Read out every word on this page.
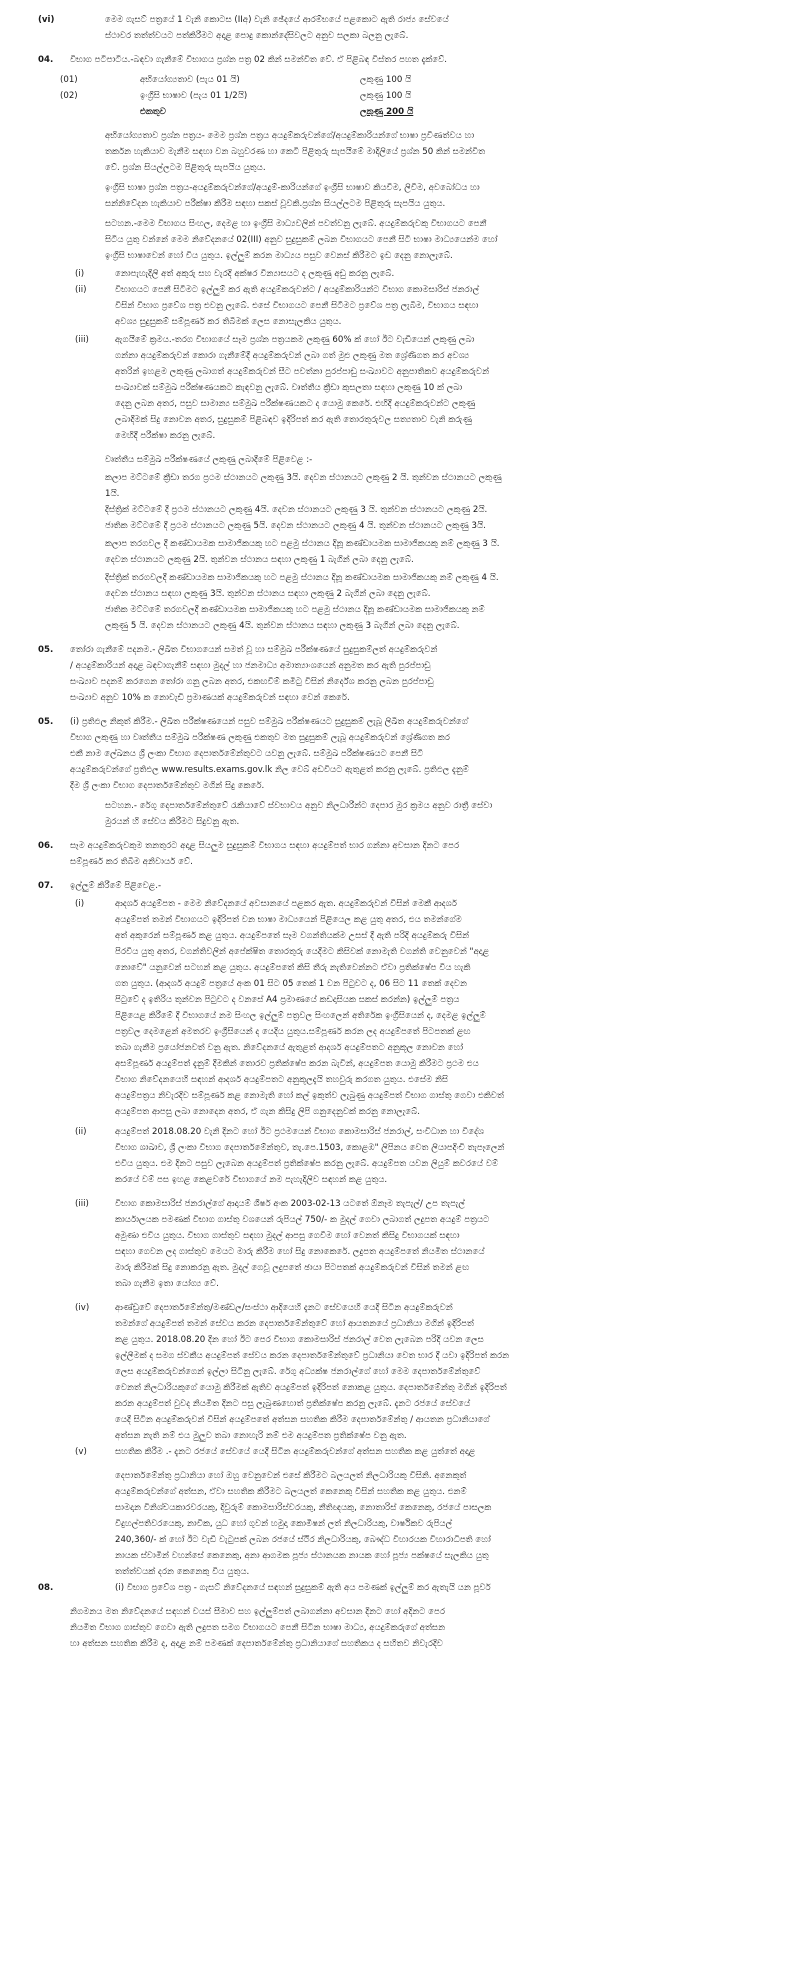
(vi)	මෙම ගැසට් පත්‍රයේ 1 වැනි කොටස (IIඅ) වැනි ඡේදයේ ආරම්භයේ පළකොට ඇති රාජ්‍ය සේවයේ
ස්ථාවර තත්ත්වයට පත්කිරීමට අදාළ පොදු කොන්දේසිවලට අනුව සලකා බලනු ලැබේ.
04. විභාග පටිපාටිය.-බඳවා ගැනීමේ විභාගය ප්‍රශ්න පත්‍ර 02 කින් සමන්විත වේ. ඒ පිළිබඳ විස්තර පහත දැක්වේ.
(01)	අභියෝග්‍යතාව (පැය 01 යි)	ලකුණු 100 යි
(02)	ඉංග්‍රීසි භාෂාව (පැය 01 1/2යි)	ලකුණු 100 යි
එකතුව	ලකුණු 200 යි
අභියෝග්‍යතාව ප්‍රශ්න පත්‍රය- මෙම ප්‍රශ්න පත්‍රය අයදුම්කරුවන්ගේ/අයදුම්කාරියන්ගේ භාෂා ප්‍රවීණත්වය හා
තර්කන හැකියාව මැනීම සඳහා වන බහුවරණ හා කෙටි පිළිතුරු සැපයීමේ මාදිලියේ ප්‍රශ්න 50 කින් සමන්විත
වේ. ප්‍රශ්න සියල්ලටම පිළිතුරු සැපයිය යුතුය.
ඉංග්‍රීසි භාෂා ප්‍රශ්න පත්‍රය-අයදුම්කරුවන්ගේ/අයදුම්-කාරියන්ගේ ඉංග්‍රීසි භාෂාව කියවීම, ලිවීම, අවබෝධය හා
සන්නිවේදන හැකියාව පරීක්ෂා කිරීම සඳහා සකස් වූවකි.ප්‍රශ්න සියල්ලටම පිළිතුරු සැපයිය යුතුය.
සටහන.-මෙම විභාගය සිංහල, දෙමළ හා ඉංග්‍රීසි මාධ්‍යවලින් පවත්වනු ලැබේ. අයදුම්කරුවකු විභාගයට පෙනී
සිටිය යුතු වන්නේ මෙම නිවේදනයේ 02(III) අනුව සුදුසුකම් ලබන විභාගයට පෙනී සිටි භාෂා මාධ්‍යයෙන්ම හෝ
ඉංග්‍රීසි භාෂාවෙන් හෝ විය යුතුය. ඉල්ලුම් කරන මාධ්‍යය පසුව වෙනස් කිරීමට ඉඩ දෙනු නොලැබේ.
(i)	නොපැහැදිලි අත් අකුරු සහ වැරදි අක්ෂර වින්‍යාසයට ද ලකුණු අඩු කරනු ලැබේ.
(ii)	විභාගයට පෙනී සිටීමට ඉල්ලුම් කර ඇති අයදුම්කරුවන්ට / අයදුම්කාරියන්ට විභාග කොමසාරිස් ජනරාල්
විසින් විභාග ප්‍රවේශ පත්‍ර එවනු ලැබේ. එසේ විභාගයට පෙනී සිටීමට ප්‍රවේශ පත්‍ර ලැබීම, විභාගය සඳහා
අවශ්‍ය සුදුසුකම් සම්පූර්ණ කර තිබීමක් ලෙස නොසැලකිය යුතුය.
(iii)	ඇගයීමේ ක්‍රමය.-තරග විභාගයේ සෑම ප්‍රශ්න පත්‍රයකම ලකුණු 60% ක් හෝ ඊට වැඩියෙන් ලකුණු ලබා
ගන්නා අයදුම්කරුවන් කොරා ගැනීමේදී අයදුම්කරුවන් ලබා ගත් මුළු ලකුණු මත ශ්‍රේණිගත කර අවශ්‍ය
අතරින් ඉහළම ලකුණු ලබාගත් අයදුම්කරුවන් සීට පවත්නා පුරප්පාඩු සංඛ්‍යාවට අනුපාතිකව අයදුම්කරුවන්
සංඛ්‍යාවක් සම්මුඛ පරීක්ෂණයකට කැඳවනු ලැබේ. වෘත්තීය ක්‍රීඩා කුසලතා සඳහා ලකුණු 10 ක් ලබා
දෙනු ලබන අතර, පසුව සාමාන්‍ය සම්මුඛ පරීක්ෂණයකට ද යොමු කෙරේ. එහිදී අයදුම්කරුවන්ට ලකුණු
ලබාදීමක් සිදු නොවන අතර, සුදුසුකම් පිළිබඳව ඉදිරිපත් කර ඇති තොරතුරුවල සත්‍යතාව වැනි කරුණු
මෙහිදී පරීක්ෂා කරනු ලැබේ.
වෘත්තීය සම්මුඛ පරීක්ෂණයේ ලකුණු ලබාදීමේ පිළිවෙළ :-
කලාප මට්ටමේ ක්‍රීඩා තරග ප්‍රථම ස්ථානයට ලකුණු 3යි. දෙවන ස්ථානයට ලකුණු 2 යි. තුන්වන ස්ථානයට ලකුණු
1යි.
දිස්ත්‍රික් මට්ටමේ දී ප්‍රථම ස්ථානයට ලකුණු 4යි. දෙවන ස්ථානයට ලකුණු 3 යි. තුන්වන ස්ථානයට ලකුණු 2යි.
ජාතික මට්ටමේ දී ප්‍රථම ස්ථානයට ලකුණු 5යි. දෙවන ස්ථානයට ලකුණු 4 යි. තුන්වන ස්ථානයට ලකුණු 3යි.
කලාප තරගවල දී කණ්ඩායමක සාමාජිකයකු හට පළමු ස්ථානය දිනූ කණ්ඩායමක සාමාජිකයකු නම් ලකුණු 3 යි.
දෙවන ස්ථානයට ලකුණු 2යි. තුන්වන ස්ථානය සඳහා ලකුණු 1 බැගින් ලබා දෙනු ලැබේ.
දිස්ත්‍රික් තරගවලදී කණ්ඩායමක සාමාජිකයකු හට පළමු ස්ථානය දිනූ කණ්ඩායමක සාමාජිකයකු නම් ලකුණු 4 යි.
දෙවන ස්ථානය සඳහා ලකුණු 3යි. තුන්වන ස්ථානය සඳහා ලකුණු 2 බැගින් ලබා දෙනු ලැබේ.
ජාතික මට්ටමේ තරගවලදී කණ්ඩායමක සාමාජිකයකු හට පළමු ස්ථානය දිනූ කණ්ඩායමක සාමාජිකයකු නම්
ලකුණු 5 යි. දෙවන ස්ථානයට ලකුණු 4යි. තුන්වන ස්ථානය සඳහා ලකුණු 3 බැගින් ලබා දෙනු ලැබේ.
05. තෝරා ගැනීමේ පදනම.- ලිඛිත විභාගයෙන් සමත් වූ හා සම්මුඛ පරීක්ෂණයේ සුදුසුකම්ලත් අයදුම්කරුවන්
/ අයදුම්කාරියන් අදාළ බඳවාගැනීම් සඳහා මුදල් හා ජනමාධ්‍ය අමාත්‍යාංශයෙන් අනුමත කර ඇති පුරප්පාඩු
සංඛ්‍යාව පදනම් කරගෙන තෝරා ගනු ලබන අතර, එකඟවීම් කමිටු විසින් නිර්දේශ කරනු ලබන පුරප්පාඩු
සංඛ්‍යාව අනුව 10% ක නොවැඩි ප්‍රමාණයක් අයදුම්කරුවන් සඳහා වෙන් කෙරේ.
05. (i) ප්‍රතිඵල නිකුත් කිරීම.- ලිඛිත පරීක්ෂණයෙන් පසුව සම්මුඛ පරීක්ෂණයට සුදුසුකම් ලැබූ ලිඛිත අයදුම්කරුවන්ගේ
විභාග ලකුණු හා වෘත්තීය සම්මුඛ පරීක්ෂණ ලකුණු එකතුව මත සුදුසුකම් ලැබූ අයදුම්කරුවන් ශ්‍රේණිගත කර
එකී නාම ලේඛනය ශ්‍රී ලංකා විභාග දෙපාර්තමේන්තුවට යවනු ලැබේ. සම්මුඛ පරීක්ෂණයට පෙනී සිටි
අයදුම්කරුවන්ගේ ප්‍රතිඵල www.results.exams.gov.lk නිල වෙබ් අඩවියට ඇතුළත් කරනු ලැබේ. ප්‍රතිඵල දැනුම්
දීම ශ්‍රී ලංකා විභාග දෙපාර්තමේන්තුව මගින් සිදු කෙරේ.
සටහන.- රේගු දෙපාර්තමේන්තුවේ රැකියාවේ ස්වභාවය අනුව නිලධාරීන්ට දෙපාර මුර ක්‍රමය අනුව රාත්‍රී සේවා
මුරයන් හි සේවය කිරීමට සිදුවනු ඇත.
06. සෑම අයදුම්කරුවකුම තනතුරට අදාළ සියලුම සුදුසුකම් විභාගය සඳහා අයදුම්පත් භාර ගන්නා අවසාන දිනට පෙර
සම්පූර්ණ කර තිබීම අනිවාර්ය වේ.
07. ඉල්ලුම් කිරීමේ පිළිවෙළ.-
(i)	ආදර්ශ අයදුම්පත - මෙම නිවේදනයේ අවසානයේ පළකර ඇත. අයදුම්කරුවන් විසින් මෙකී ආදර්ශ
අයදුම්පත් තමන් විභාගයට ඉදිරිපත් වන භාෂා මාධ්‍යයෙන් පිළියෙල කළ යුතු අතර, එය තමන්ගේම
අත් අකුරෙන් සම්පූර්ණ කළ යුතුය. අයදුම්පතේ සෑම වගන්තියක්ම උසස් දී ඇති පරිදි අයදුම්කරු විසින්
පිරවිය යුතු අතර, වගන්තිවලින් අපේක්ෂිත තොරතුරු යෙදීමට කිසිවක් නොමැති වගන්ති වෙනුවෙන් "අදාළ
නොවේ" යනුවෙන් සටහන් කළ යුතුය. අයදුම්පතේ කිසි තීරු නැතිවෙන්නට ඒවා ප්‍රතික්ෂේප විය හැකි
ගත යුතුය. (ආදර්ශ අයදුම් පත්‍රයේ අංක 01 සිට 05 තෙක් 1 වන පිටුවට ද, 06 සිට 11 තෙක් දෙවන
පිටුවේ ද ඉතිරිය තුන්වන පිටුවට ද වනසේ A4 ප්‍රමාණයේ කඩදාසියක සකස් කරන්න) ඉල්ලුම් පත්‍රය
පිළියෙළ කිරීමේ දී විභාගයේ නම සිංහල ඉල්ලුම් පත්‍රවල සිංහලෙන් අතිරේක ඉංග්‍රීසියෙන් ද, දෙමළ ඉල්ලුම්
පත්‍රවල දෙමළෙන් අමතරව ඉංග්‍රීසියෙන් ද යෙදිය යුතුය.සම්පූර්ණ කරන ලද අයදුම්පතේ පිටපතක් ළඟ
තබා ගැනීම ප්‍රයෝජනවත් වනු ඇත. නිවේදනයේ ඇතුළත් ආදර්ශ අයදුම්පතට අනුකූල නොවන හෝ
අසම්පූර්ණ අයදුම්පත් දැනුම් දීමකින් තොරව ප්‍රතික්ෂේප කරන බැවින්, අයදුම්පත යොමු කිරීමට ප්‍රථම එය
විභාග නිවේදනයෙහි සඳහන් ආදර්ශ අයදුම්පතට අනුකූලදැයි තහවුරු කරගත යුතුය. එසේම නිසි
අයදුම්පත්‍රය නිවැරදිව සම්පූර්ණ කළ නොමැති හෝ කල් ඉකුත්ව ලැබුණු අයදුම්පත් විභාග ගාස්තු ගෙවා එකිවත්
අයදුම්පත ආපසු ලබා නොදෙන අතර, ඒ ගැන කිසිදු ලිපි ගනුදෙනුවක් කරනු නොලැබේ.
(ii)	අයදුම්පත් 2018.08.20 වැනි දිනට හෝ ඊට ප්‍රථමයෙන් විභාග කොමසාරිස් ජනරාල්, සංවිධාන හා විදේශ
විභාග ශාඛාව, ශ්‍රී ලංකා විභාග දෙපාර්තමේන්තුව, තැ.පෙ.1503, කොළඹ" ලිපිනය වෙත ලියාපදිංචි තැපෑලෙන්
එවිය යුතුය. එම දිනට පසුව ලැබෙන අයදුම්පත් ප්‍රතික්ෂේප කරනු ලැබේ. අයදුම්පත යවන ලියුම් කවරයේ වම්
කරයේ වම් පස ඉහළ කෙළවරේ විභාගයේ නම පැහැදිලිව සඳහන් කළ යුතුය.
(iii)	විභාග කොමසාරිස් ජනරාල්ගේ ආදායම් ශීර්ෂ අංක 2003-02-13 යටතේ ඕනෑම තැපැල්/ උප තැපැල්
කාර්යාලයක පමණක් විභාග ගාස්තු වශයෙන් රුපියල් 750/- ක මුදල් ගෙවා ලබාගත් ලදුපත අයදුම් පත්‍රයට
අමුණා එවිය යුතුය. විභාග ගාස්තුව සඳහා මුදල් ආපසු ගෙවීම හෝ වෙනත් කිසිදු විභාගයක් සඳහා
සඳහා ගෙවන ලද ගාස්තුව මෙයට මාරු කිරීම හෝ සිදු නොකෙරේ. ලදුපත අයදුම්පතේ නියමිත ස්ථානයේ
මාරු කිරීමක් සිදු නොකරනු ඇත. මුදල් ගෙවූ ලදුපතේ ඡායා පිටපතක් අයදුම්කරුවන් විසින් තමන් ළඟ
තබා ගැනීම ඉතා යෝග්‍ය වේ.
(iv)	ආණ්ඩුවේ දෙපාර්තමේන්තු/මණ්ඩල/සංස්ථා ආදියෙහි දැනට සේවයෙහි යෙදී සිටින අයදුම්කරුවන්
තමන්ගේ අයදුම්පත් තමන් සේවය කරන දෙපාර්තමේන්තුවේ හෝ ආයතනයේ ප්‍රධානියා මගින් ඉදිරිපත්
කළ යුතුය. 2018.08.20 දින හෝ ඊට පෙර විභාග කොමසාරිස් ජනරාල් වෙත ලැබෙන පරිදි යවන ලෙස
ඉල්ලීමක් ද සමග ස්වකීය අයදුම්පත් සේවය කරන දෙපාර්තමේන්තුවේ ප්‍රධානියා වෙත භාර දී යවා ඉදිරිපත් කරන
ලෙස අයදුම්කරුවන්ගෙන් ඉල්ලා සිටිනු ලැබේ. රේගු අධ්‍යක්ෂ ජනරාල්ගේ හෝ මෙම දෙපාර්තමේන්තුවේ
වෙනත් නිලධාරියකුගේ යොමු කිරීමක් ඇතිව අයදුම්පත් ඉදිරිපත් නොකළ යුතුය. දෙපාර්තමේන්තු මගින් ඉදිරිපත්
කරන අයදුම්පත් වුවද නියමිත දිනට පසු ලැබුණහොත් ප්‍රතික්ෂේප කරනු ලැබේ. දැනට රජයේ සේවයේ
යෙදී සිටින අයදුම්කරුවන් විසින් අයදුම්පතේ අත්සන සහතික කිරීම දෙපාර්තමේන්තු / ආයතන ප්‍රධානියාගේ
අත්සන නැති නම් එය මුලුව තබා නොහැරි නම් එම අයදුම්පත ප්‍රතික්ෂේප වනු ඇත.
(v)	සහතික කිරීම .- දැනට රජයේ සේවයේ යෙදී සිටින අයදුම්කරුවන්ගේ අත්සන සහතික කළ යුත්තේ අදාළ
දෙපාර්තමේන්තු ප්‍රධානියා හෝ ඔහු වෙනුවෙන් එසේ කිරීමට බලයලත් නිලධාරියකු විසිනි. අනෙකුත්
අයදුම්කරුවන්ගේ අත්සන, ඒවා සහතික කිරීමට බලයලත් කෙනෙකු විසින් සහතික කළ යුතුය. එනම්
සාමදාන විනිශ්චයකාරවරයකු, දිවුරුම් කොමසාරිස්වරයකු, නීතිඥයකු, නොතාරිස් කෙනෙකු, රජයේ පාසලක
විදුහල්පතිවරයෙකු, නාවික, යුධ හෝ ගුවන් හමුදා කොමිෂන් ලත් නිලධාරියකු, වාර්ෂිකව රුපියල්
240,360/- ක් හෝ ඊට වැඩි වැටුපක් ලබන රජයේ ස්ථිර නිලධාරියකු, බෞද්ධ විහාරයක විහාරාධිපති හෝ
නායක ස්වාමින් වහන්සේ කෙනෙකු, අනා ආගමක පූජ්‍ය ස්ථානයක නායක හෝ පූජ්‍ය පක්ෂයේ සැලකිය යුතු
තත්ත්වයක් දරන කෙනෙකු විය යුතුය.
08.	(i) විභාග ප්‍රවේශ පත්‍ර - ගැසට් නිවේදනයේ සඳහන් සුදුසුකම් ඇති අය පමණක් ඉල්ලුම් කර ඇතැයි යන පූර්ව
නිගමනය මත නිවේදනයේ සඳහන් වයස් සීමාව සහ ඉල්ලුම්පත් ලබාගන්නා අවසාන දිනට හෝ අදිනට පෙර
නියමිත විභාග ගාස්තුව ගෙවා ඇති ලදුපත සමග විභාගයට පෙනී සිටින භාෂා මාධ්‍ය, අයදුම්කරුගේ අත්සන
හා අත්සන සහතික කිරීම ද, අදාළ නම් පමණක් දෙපාර්තමේන්තු ප්‍රධානියාගේ සහතිකය ද සහිතව නිවැරදිව
